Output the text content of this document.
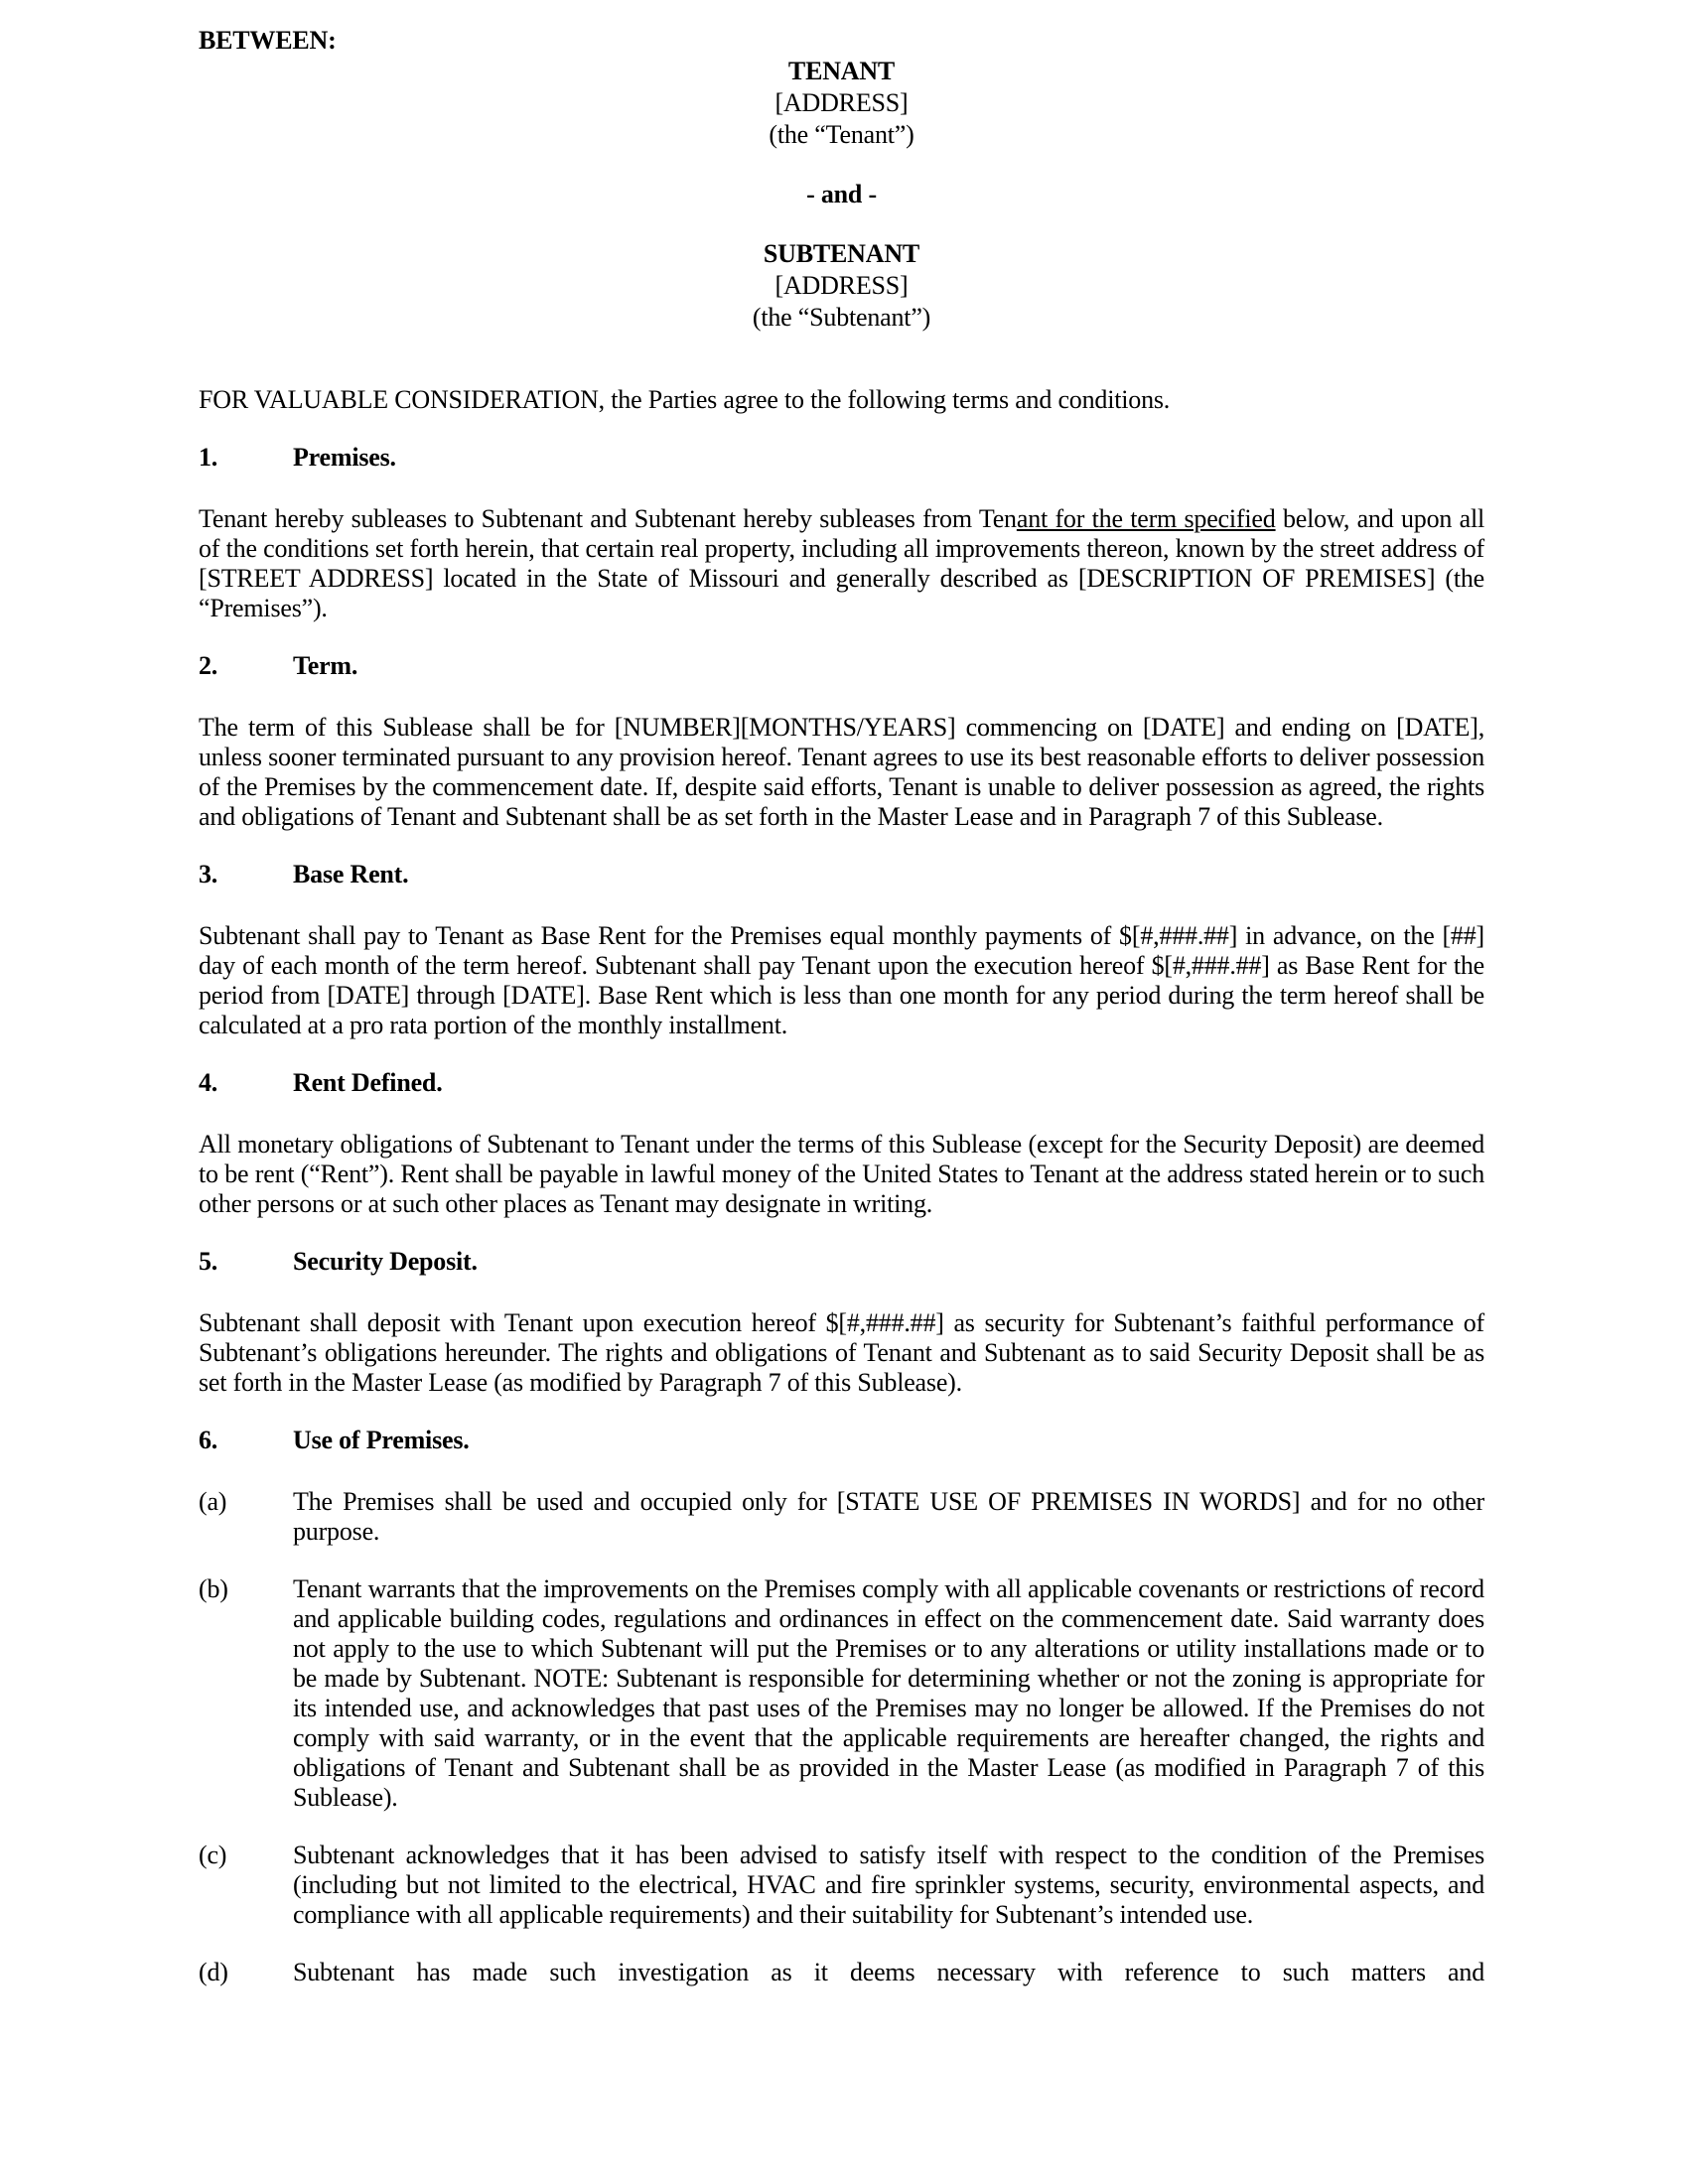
BETWEEN:
TENANT
[ADDRESS]
(the “Tenant”)
- and -
SUBTENANT
[ADDRESS]
(the “Subtenant”)
FOR VALUABLE CONSIDERATION, the Parties agree to the following terms and conditions.
1.	Premises.
Tenant hereby subleases to Subtenant and Subtenant hereby subleases from Tenant for the term specified below, and upon all of the conditions set forth herein, that certain real property, including all improvements thereon, known by the street address of [STREET ADDRESS] located in the State of Missouri and generally described as [DESCRIPTION OF PREMISES] (the “Premises”).
2.	Term.
The term of this Sublease shall be for [NUMBER][MONTHS/YEARS] commencing on [DATE] and ending on [DATE], unless sooner terminated pursuant to any provision hereof. Tenant agrees to use its best reasonable efforts to deliver possession of the Premises by the commencement date. If, despite said efforts, Tenant is unable to deliver possession as agreed, the rights and obligations of Tenant and Subtenant shall be as set forth in the Master Lease and in Paragraph 7 of this Sublease.
3.	Base Rent.
Subtenant shall pay to Tenant as Base Rent for the Premises equal monthly payments of $[#,###.##] in advance, on the [##] day of each month of the term hereof. Subtenant shall pay Tenant upon the execution hereof $[#,###.##] as Base Rent for the period from [DATE] through [DATE]. Base Rent which is less than one month for any period during the term hereof shall be calculated at a pro rata portion of the monthly installment.
4.	Rent Defined.
All monetary obligations of Subtenant to Tenant under the terms of this Sublease (except for the Security Deposit) are deemed to be rent (“Rent”). Rent shall be payable in lawful money of the United States to Tenant at the address stated herein or to such other persons or at such other places as Tenant may designate in writing.
5.	Security Deposit.
Subtenant shall deposit with Tenant upon execution hereof $[#,###.##] as security for Subtenant’s faithful performance of Subtenant’s obligations hereunder. The rights and obligations of Tenant and Subtenant as to said Security Deposit shall be as set forth in the Master Lease (as modified by Paragraph 7 of this Sublease).
6.	Use of Premises.
(a)	The Premises shall be used and occupied only for [STATE USE OF PREMISES IN WORDS] and for no other purpose.
(b)	Tenant warrants that the improvements on the Premises comply with all applicable covenants or restrictions of record and applicable building codes, regulations and ordinances in effect on the commencement date. Said warranty does not apply to the use to which Subtenant will put the Premises or to any alterations or utility installations made or to be made by Subtenant. NOTE: Subtenant is responsible for determining whether or not the zoning is appropriate for its intended use, and acknowledges that past uses of the Premises may no longer be allowed. If the Premises do not comply with said warranty, or in the event that the applicable requirements are hereafter changed, the rights and obligations of Tenant and Subtenant shall be as provided in the Master Lease (as modified in Paragraph 7 of this Sublease).
(c)	Subtenant acknowledges that it has been advised to satisfy itself with respect to the condition of the Premises (including but not limited to the electrical, HVAC and fire sprinkler systems, security, environmental aspects, and compliance with all applicable requirements) and their suitability for Subtenant’s intended use.
(d)	Subtenant has made such investigation as it deems necessary with reference to such matters and
